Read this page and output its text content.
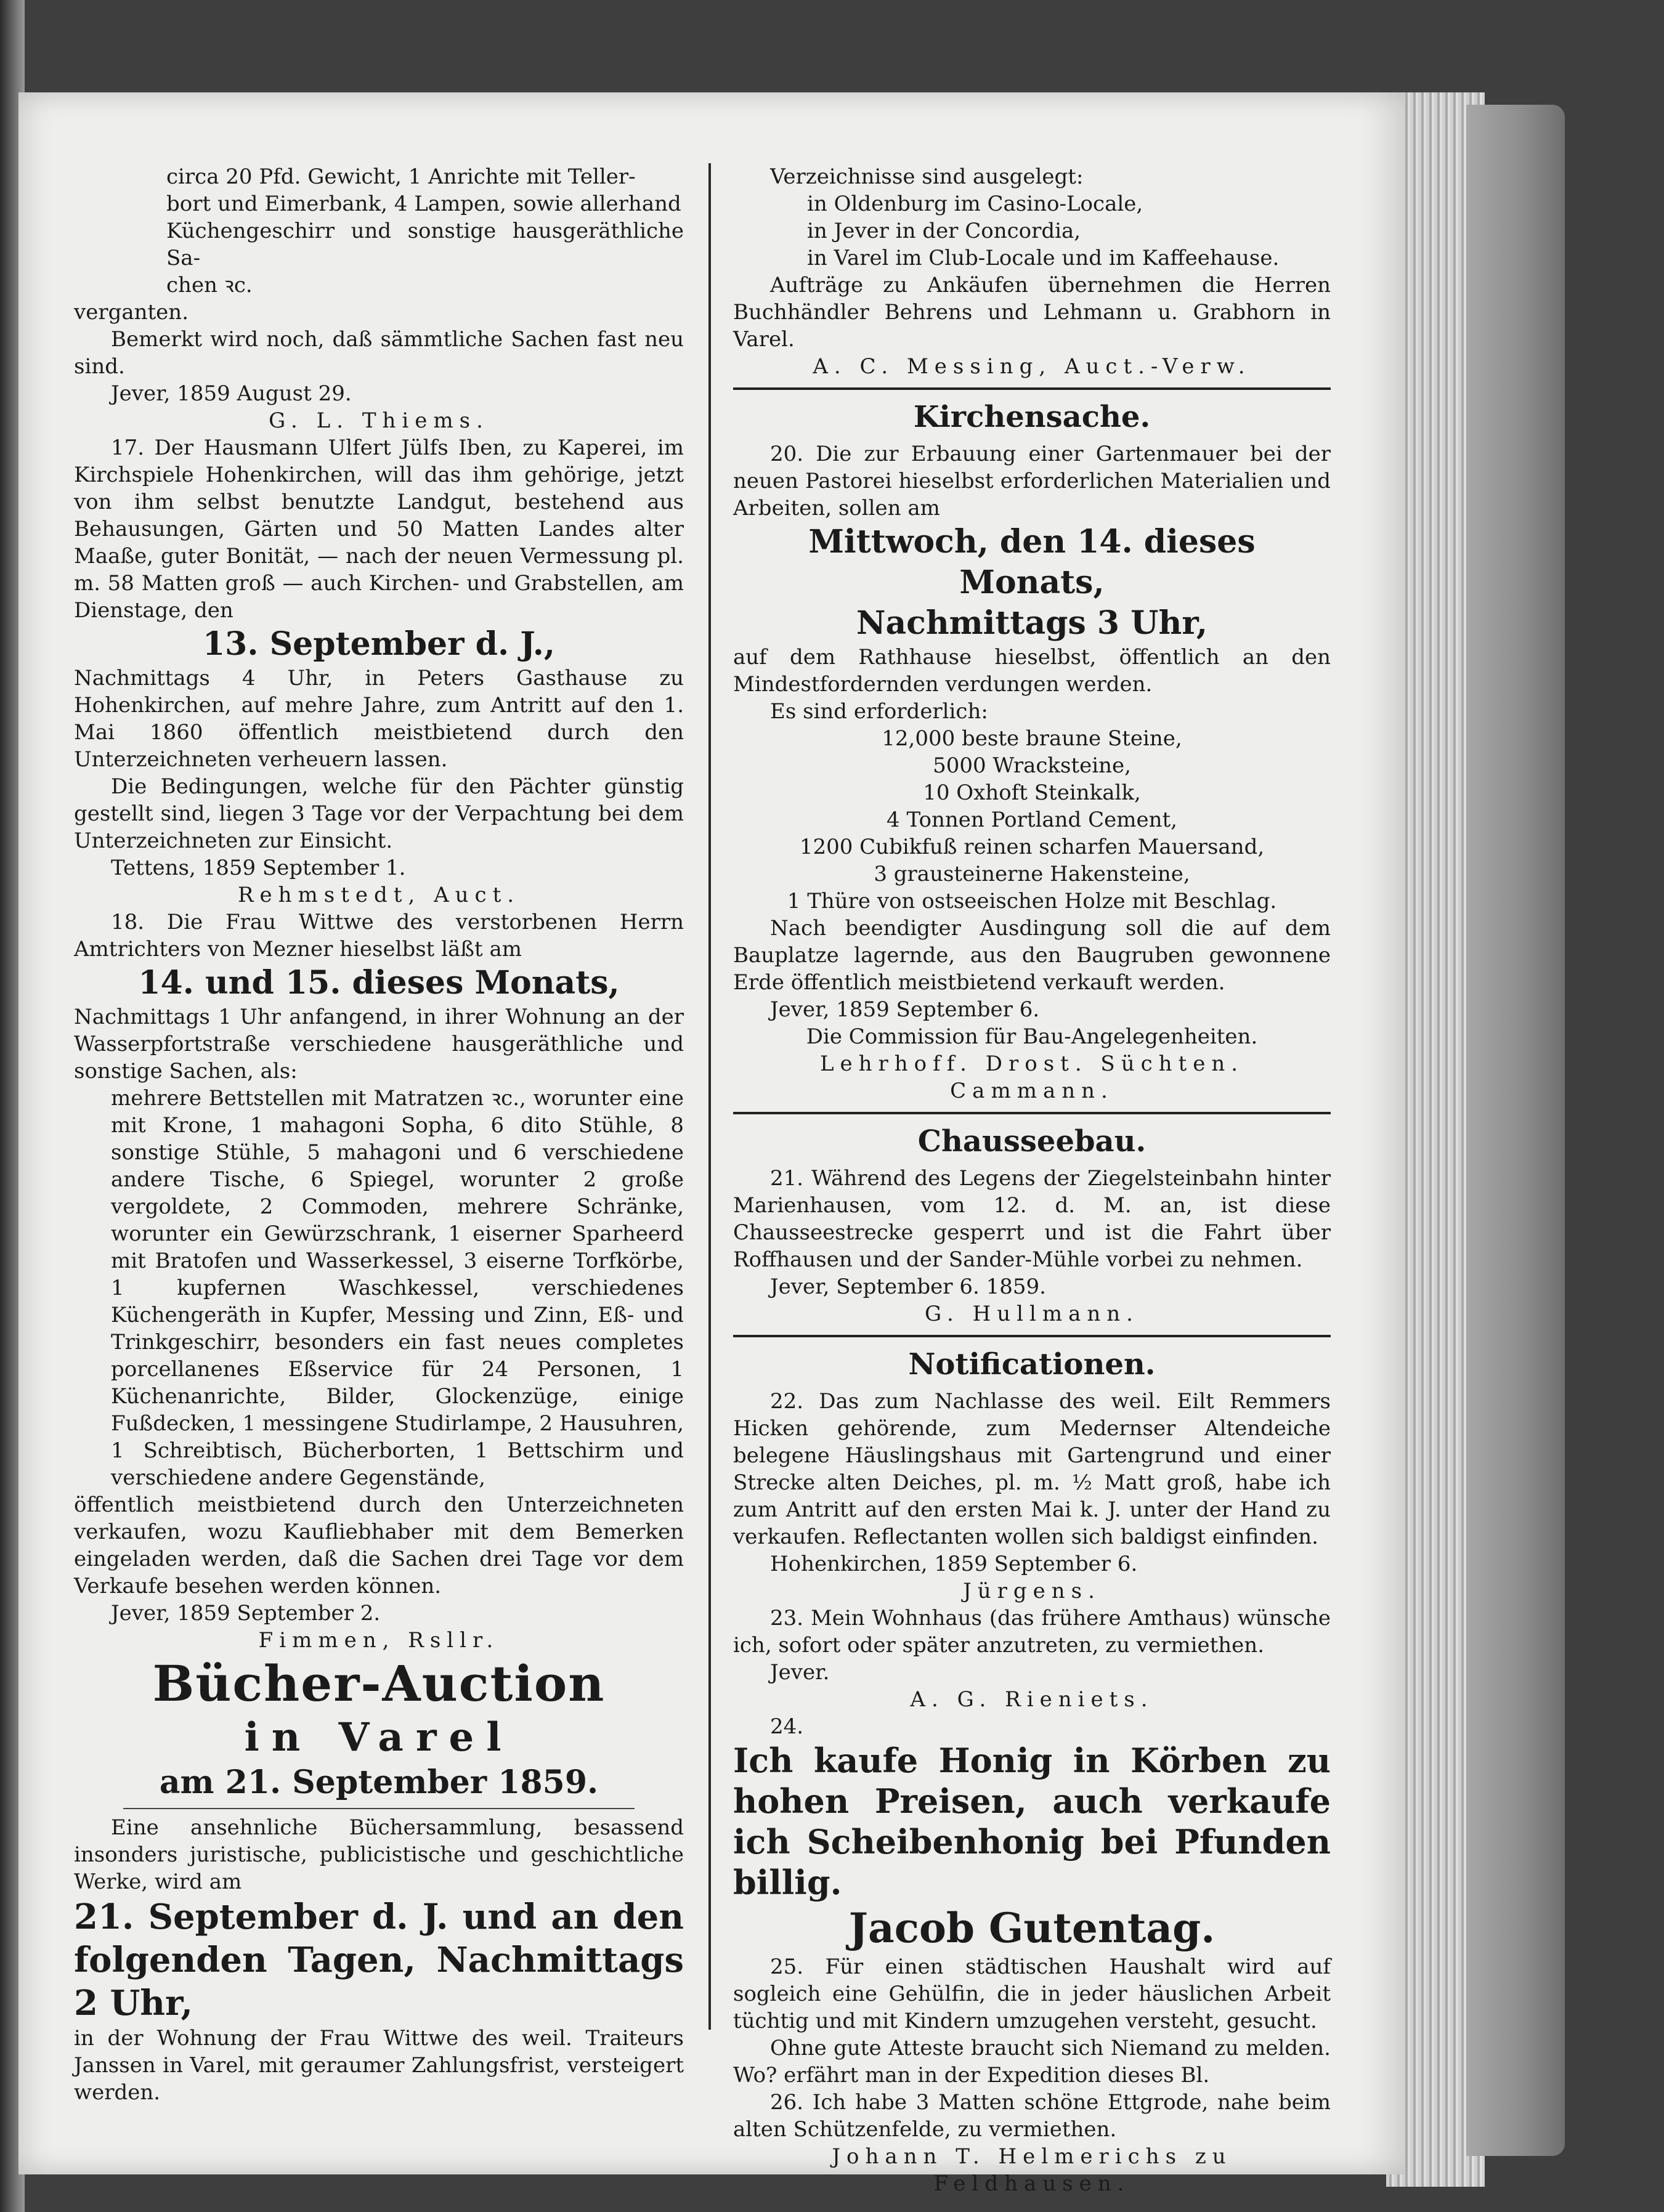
circa 20 Pfd. Gewicht, 1 Anrichte mit Teller-

bort und Eimerbank, 4 Lampen, sowie allerhand

Küchengeschirr und sonstige hausgeräthliche Sa-

chen ꝛc.

verganten.

Bemerkt wird noch, daß sämmtliche Sachen fast neu sind.

Jever, 1859 August 29.

G. L. Thiems.

17. Der Hausmann Ulfert Jülfs Iben, zu Kaperei, im Kirchspiele Hohenkirchen, will das ihm gehörige, jetzt von ihm selbst benutzte Landgut, bestehend aus Behausungen, Gärten und 50 Matten Landes alter Maaße, guter Bonität, — nach der neuen Vermessung pl. m. 58 Matten groß — auch Kirchen- und Grabstellen, am Dienstage, den

13. September d. J.,

Nachmittags 4 Uhr, in Peters Gasthause zu Hohenkirchen, auf mehre Jahre, zum Antritt auf den 1. Mai 1860 öffentlich meistbietend durch den Unterzeichneten verheuern lassen.

Die Bedingungen, welche für den Pächter günstig gestellt sind, liegen 3 Tage vor der Verpachtung bei dem Unterzeichneten zur Einsicht.

Tettens, 1859 September 1.

Rehmstedt, Auct.

18. Die Frau Wittwe des verstorbenen Herrn Amtrichters von Mezner hieselbst läßt am

14. und 15. dieses Monats,

Nachmittags 1 Uhr anfangend, in ihrer Wohnung an der Wasserpfortstraße verschiedene hausgeräthliche und sonstige Sachen, als:

mehrere Bettstellen mit Matratzen ꝛc., worunter eine mit Krone, 1 mahagoni Sopha, 6 dito Stühle, 8 sonstige Stühle, 5 mahagoni und 6 verschiedene andere Tische, 6 Spiegel, worunter 2 große vergoldete, 2 Commoden, mehrere Schränke, worunter ein Gewürzschrank, 1 eiserner Sparheerd mit Bratofen und Wasserkessel, 3 eiserne Torfkörbe, 1 kupfernen Waschkessel, verschiedenes Küchengeräth in Kupfer, Messing und Zinn, Eß- und Trinkgeschirr, besonders ein fast neues completes porcellanenes Eßservice für 24 Personen, 1 Küchenanrichte, Bilder, Glockenzüge, einige Fußdecken, 1 messingene Studirlampe, 2 Hausuhren, 1 Schreibtisch, Bücherborten, 1 Bettschirm und verschiedene andere Gegenstände,

öffentlich meistbietend durch den Unterzeichneten verkaufen, wozu Kaufliebhaber mit dem Bemerken eingeladen werden, daß die Sachen drei Tage vor dem Verkaufe besehen werden können.

Jever, 1859 September 2.

Fimmen, Rsllr.

Bücher-Auction
in Varel
am 21. September 1859.

Eine ansehnliche Büchersammlung, besassend insonders juristische, publicistische und geschichtliche Werke, wird am

21. September d. J. und an den folgenden Tagen, Nachmittags 2 Uhr,

in der Wohnung der Frau Wittwe des weil. Traiteurs Janssen in Varel, mit geraumer Zahlungsfrist, versteigert werden.

Verzeichnisse sind ausgelegt:

in Oldenburg im Casino-Locale,

in Jever in der Concordia,

in Varel im Club-Locale und im Kaffeehause.

Aufträge zu Ankäufen übernehmen die Herren Buchhändler Behrens und Lehmann u. Grabhorn in Varel.

A. C. Messing, Auct.-Verw.

Kirchensache.

20. Die zur Erbauung einer Gartenmauer bei der neuen Pastorei hieselbst erforderlichen Materialien und Arbeiten, sollen am

Mittwoch, den 14. dieses Monats,

Nachmittags 3 Uhr,

auf dem Rathhause hieselbst, öffentlich an den Mindestfordernden verdungen werden.

Es sind erforderlich:

12,000 beste braune Steine,

5000 Wracksteine,

10 Oxhoft Steinkalk,

4 Tonnen Portland Cement,

1200 Cubikfuß reinen scharfen Mauersand,

3 grausteinerne Hakensteine,

1 Thüre von ostseeischen Holze mit Beschlag.

Nach beendigter Ausdingung soll die auf dem Bauplatze lagernde, aus den Baugruben gewonnene Erde öffentlich meistbietend verkauft werden.

Jever, 1859 September 6.

Die Commission für Bau-Angelegenheiten.

Lehrhoff. Drost. Süchten. Cammann.

Chausseebau.

21. Während des Legens der Ziegelsteinbahn hinter Marienhausen, vom 12. d. M. an, ist diese Chausseestrecke gesperrt und ist die Fahrt über Roffhausen und der Sander-Mühle vorbei zu nehmen.

Jever, September 6. 1859.

G. Hullmann.

Notificationen.

22. Das zum Nachlasse des weil. Eilt Remmers Hicken gehörende, zum Medernser Altendeiche belegene Häuslingshaus mit Gartengrund und einer Strecke alten Deiches, pl. m. ½ Matt groß, habe ich zum Antritt auf den ersten Mai k. J. unter der Hand zu verkaufen. Reflectanten wollen sich baldigst einfinden.

Hohenkirchen, 1859 September 6.

Jürgens.

23. Mein Wohnhaus (das frühere Amthaus) wünsche ich, sofort oder später anzutreten, zu vermiethen.

Jever.

A. G. Rieniets.

24.

Ich kaufe Honig in Körben zu hohen Preisen, auch verkaufe ich Scheibenhonig bei Pfunden billig.

Jacob Gutentag.

25. Für einen städtischen Haushalt wird auf sogleich eine Gehülfin, die in jeder häuslichen Arbeit tüchtig und mit Kindern umzugehen versteht, gesucht.

Ohne gute Atteste braucht sich Niemand zu melden. Wo? erfährt man in der Expedition dieses Bl.

26. Ich habe 3 Matten schöne Ettgrode, nahe beim alten Schützenfelde, zu vermiethen.

Johann T. Helmerichs zu Feldhausen.
